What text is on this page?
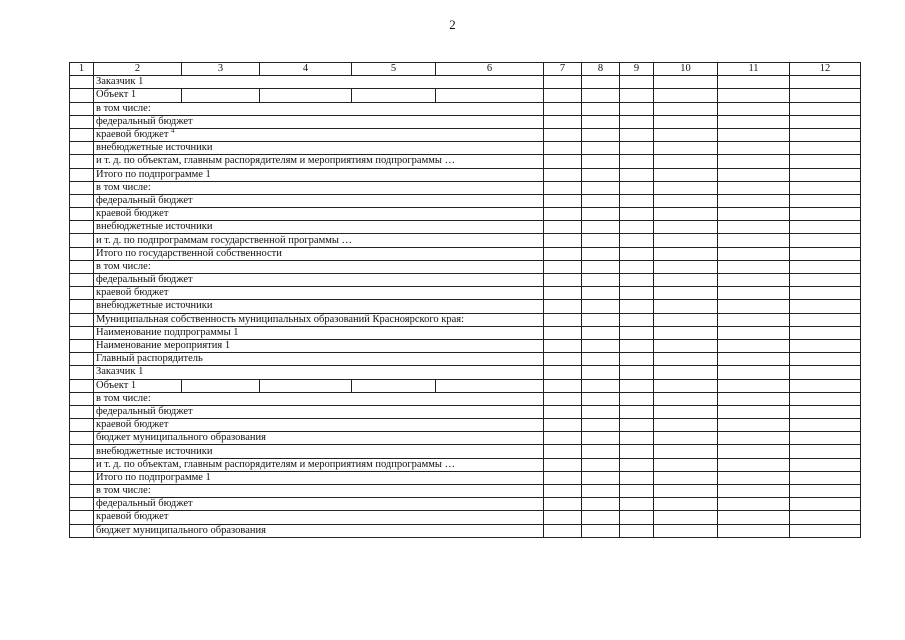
2
1	2	3	4	5	6	7	8	9	10	11	12
	Заказчик 1										
	Объект 1										
	в том числе:										
	федеральный бюджет										
	краевой бюджет $^4$						
	внебюджетные источники										
	и т. д. по объектам, главным распорядителям и мероприятиям подпрограммы …										
	Итого по подпрограмме 1										
	в том числе:										
	федеральный бюджет										
	краевой бюджет										
	внебюджетные источники										
	и т. д. по подпрограммам государственной программы …										
	Итого по государственной собственности										
	в том числе:										
	федеральный бюджет										
	краевой бюджет										
	внебюджетные источники										
	Муниципальная собственность муниципальных образований Красноярского края:										
	Наименование подпрограммы 1										
	Наименование мероприятия 1										
	Главный распорядитель										
	Заказчик 1										
	Объект 1										
	в том числе:										
	федеральный бюджет										
	краевой бюджет										
	бюджет муниципального образования										
	внебюджетные источники										
	и т. д. по объектам, главным распорядителям и мероприятиям подпрограммы …										
	Итого по подпрограмме 1										
	в том числе:										
	федеральный бюджет										
	краевой бюджет										
	бюджет муниципального образования										
